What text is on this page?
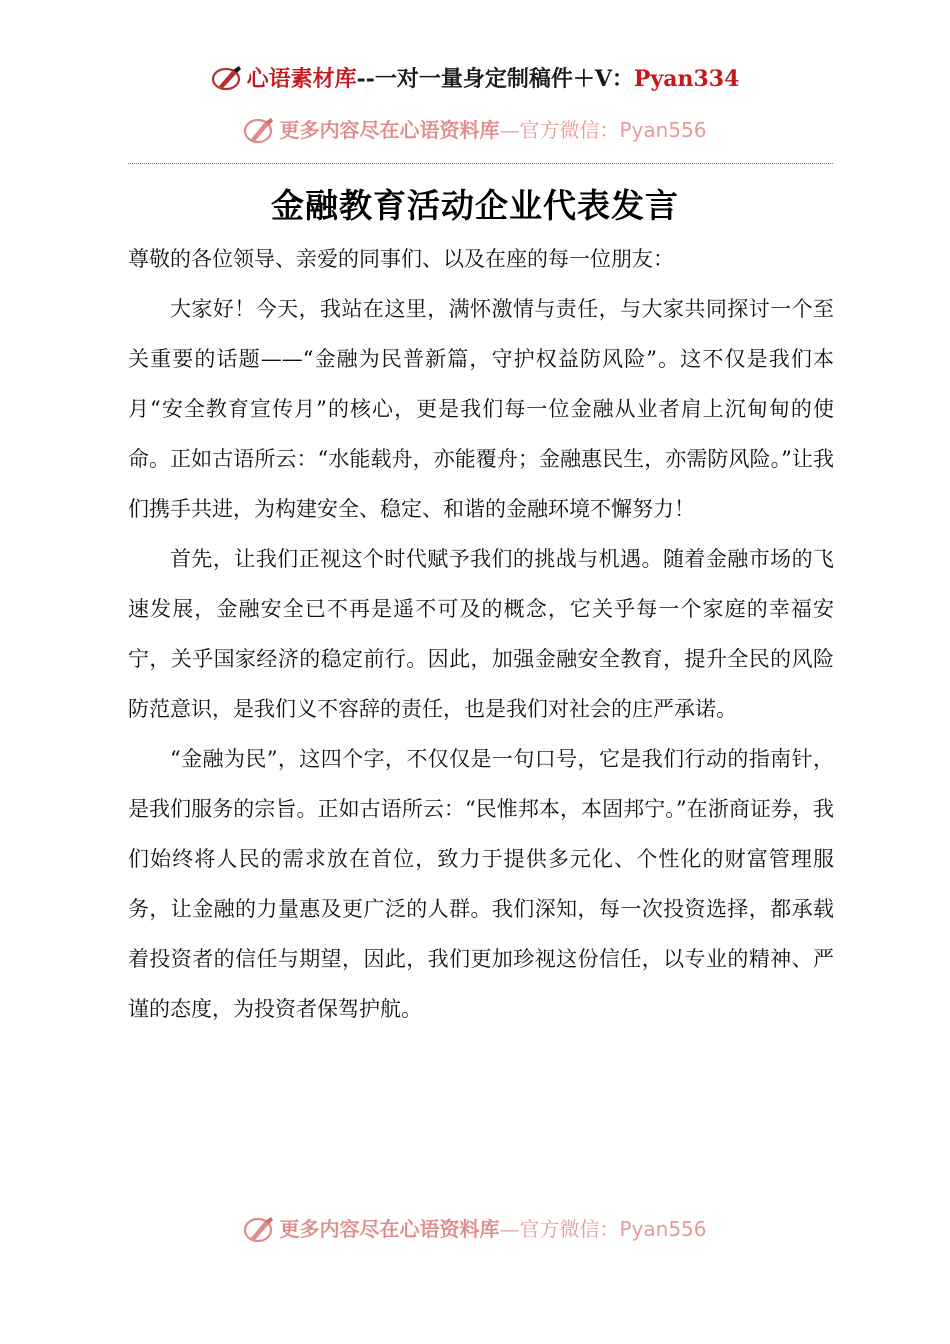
心语素材库--一对一量身定制稿件＋V：Pyan334
更多内容尽在心语资料库—官方微信：Pyan556
金融教育活动企业代表发言

尊敬的各位领导、亲爱的同事们、以及在座的每一位朋友：

大家好！今天，我站在这里，满怀激情与责任，与大家共同探讨一个至关重要的话题——“金融为民普新篇，守护权益防风险”。这不仅是我们本月“安全教育宣传月”的核心，更是我们每一位金融从业者肩上沉甸甸的使命。正如古语所云：“水能载舟，亦能覆舟；金融惠民生，亦需防风险。”让我们携手共进，为构建安全、稳定、和谐的金融环境不懈努力！

首先，让我们正视这个时代赋予我们的挑战与机遇。随着金融市场的飞速发展，金融安全已不再是遥不可及的概念，它关乎每一个家庭的幸福安宁，关乎国家经济的稳定前行。因此，加强金融安全教育，提升全民的风险防范意识，是我们义不容辞的责任，也是我们对社会的庄严承诺。

“金融为民”，这四个字，不仅仅是一句口号，它是我们行动的指南针，是我们服务的宗旨。正如古语所云：“民惟邦本，本固邦宁。”在浙商证券，我们始终将人民的需求放在首位，致力于提供多元化、个性化的财富管理服务，让金融的力量惠及更广泛的人群。我们深知，每一次投资选择，都承载着投资者的信任与期望，因此，我们更加珍视这份信任，以专业的精神、严谨的态度，为投资者保驾护航。

更多内容尽在心语资料库—官方微信：Pyan556
